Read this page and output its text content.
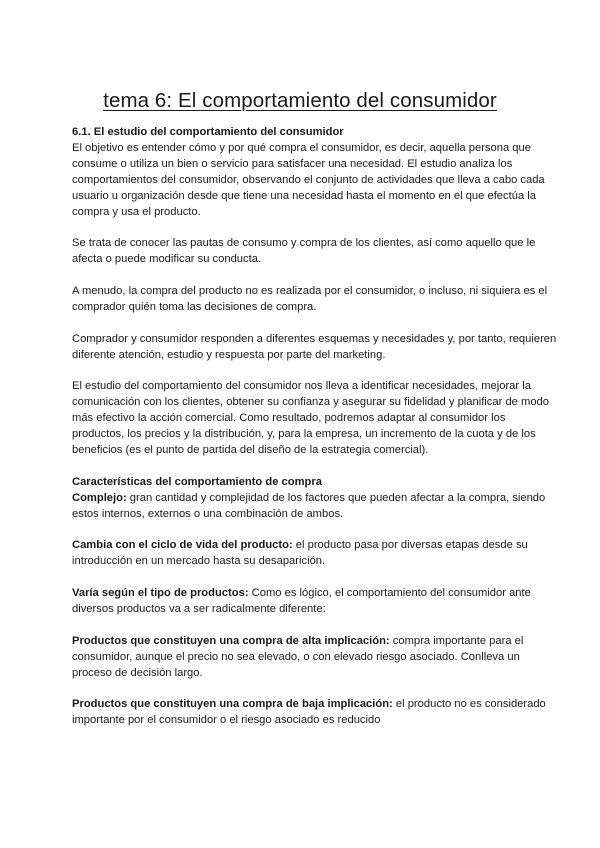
tema 6: El comportamiento del consumidor
6.1. El estudio del comportamiento del consumidor

El objetivo es entender cómo y por qué compra el consumidor, es decir, aquella persona que consume o utiliza un bien o servicio para satisfacer una necesidad. El estudio analiza los comportamientos del consumidor, observando el conjunto de actividades que lleva a cabo cada usuario u organización desde que tiene una necesidad hasta el momento en el que efectúa la compra y usa el producto.

Se trata de conocer las pautas de consumo y compra de los clientes, así como aquello que le afecta o puede modificar su conducta.

A menudo, la compra del producto no es realizada por el consumidor, o incluso, ni siquiera es el comprador quién toma las decisiones de compra.

Comprador y consumidor responden a diferentes esquemas y necesidades y, por tanto, requieren diferente atención, estudio y respuesta por parte del marketing.

El estudio del comportamiento del consumidor nos lleva a identificar necesidades, mejorar la comunicación con los clientes, obtener su confianza y asegurar su fidelidad y planificar de modo más efectivo la acción comercial. Como resultado, podremos adaptar al consumidor los productos, los precios y la distribución, y, para la empresa, un incremento de la cuota y de los beneficios (es el punto de partida del diseño de la estrategia comercial).

Características del comportamiento de compra

Complejo: gran cantidad y complejidad de los factores que pueden afectar a la compra, siendo estos internos, externos o una combinación de ambos.

Cambia con el ciclo de vida del producto: el producto pasa por diversas etapas desde su introducción en un mercado hasta su desaparición.

Varía según el tipo de productos: Como es lógico, el comportamiento del consumidor ante diversos productos va a ser radicalmente diferente:

Productos que constituyen una compra de alta implicación: compra importante para el consumidor, aunque el precio no sea elevado, o con elevado riesgo asociado. Conlleva un proceso de decisión largo.

Productos que constituyen una compra de baja implicación: el producto no es considerado importante por el consumidor o el riesgo asociado es reducido
